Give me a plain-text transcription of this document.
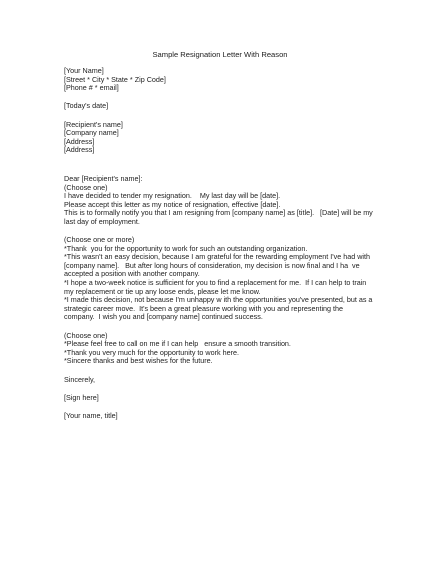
Sample Resignation Letter With Reason
[Your Name]
[Street * City * State * Zip Code]
[Phone # * email]
[Today's date]
[Recipient's name]
[Company name]
[Address]
[Address]
Dear [Recipient's name]:
(Choose one)
I have decided to tender my resignation.    My last day will be [date].
Please accept this letter as my notice of resignation, effective [date].
This is to formally notify you that I am resigning from [company name] as [title].   [Date] will be my
last day of employment.
(Choose one or more)
*Thank  you for the opportunity to work for such an outstanding organization.
*This wasn't an easy decision, because I am grateful for the rewarding employment I've had with
[company name].   But after long hours of consideration, my decision is now final and I ha  ve
accepted a position with another company.
*I hope a two-week notice is sufficient for you to find a replacement for me.  If I can help to train
my replacement or tie up any loose ends, please let me know.
*I made this decision, not because I'm unhappy w ith the opportunities you've presented, but as a
strategic career move.  It's been a great pleasure working with you and representing the
company.  I wish you and [company name] continued success.
(Choose one)
*Please feel free to call on me if I can help   ensure a smooth transition.
*Thank you very much for the opportunity to work here.
*Sincere thanks and best wishes for the future.
Sincerely,
[Sign here]
[Your name, title]
